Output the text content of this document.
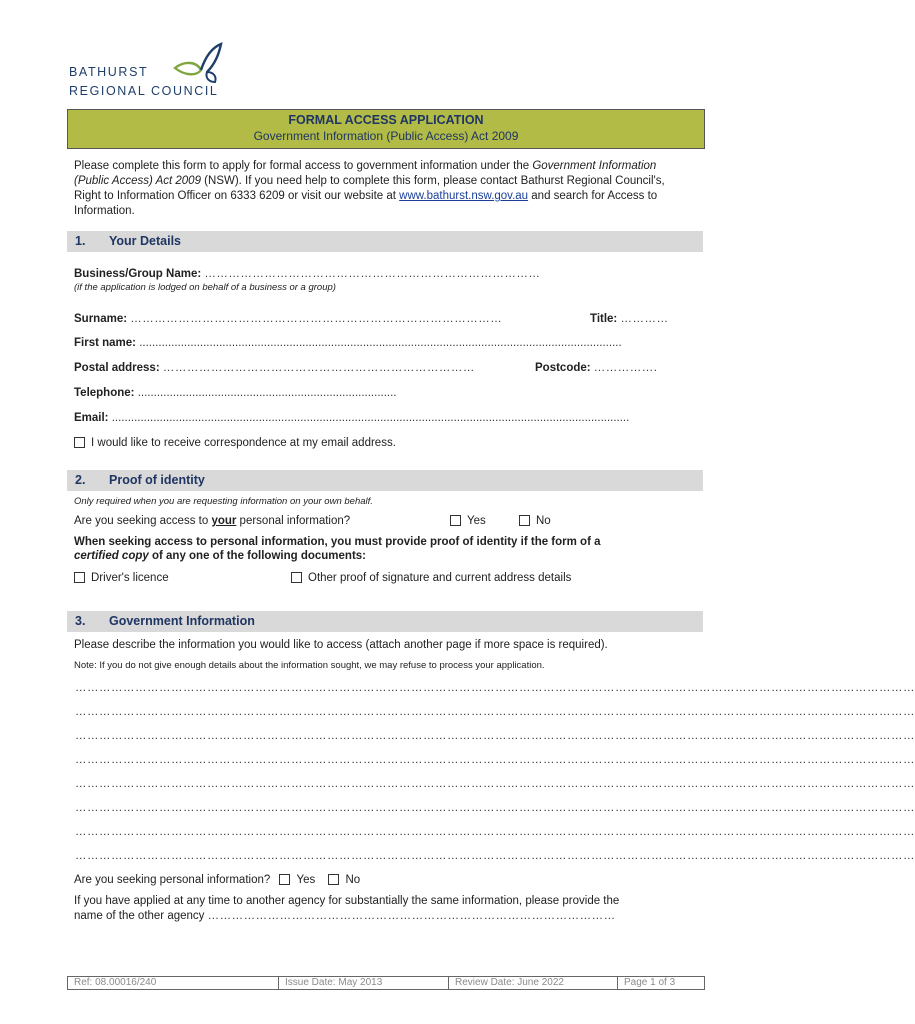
BATHURST
REGIONAL COUNCIL
FORMAL ACCESS APPLICATION
Government Information (Public Access) Act 2009
Please complete this form to apply for formal access to government information under the Government Information (Public Access) Act 2009 (NSW). If you need help to complete this form, please contact Bathurst Regional Council's, Right to Information Officer on 6333 6209 or visit our website at www.bathurst.nsw.gov.au and search for Access to Information.
1. Your Details
Business/Group Name: …………………………………………………………………………
(if the application is lodged on behalf of a business or a group)
Surname: …………………………………………………………………………………	Title: …………
First name: .......................................................................................................................................................
Postal address: ……………………………………………………………………	Postcode: …………….
Telephone: .................................................................................
Email: ..................................................................................................................................................................
I would like to receive correspondence at my email address.
2. Proof of identity
Only required when you are requesting information on your own behalf.
Are you seeking access to your personal information?	Yes	No
When seeking access to personal information, you must provide proof of identity if the form of a
certified copy of any one of the following documents:
Driver's licence	Other proof of signature and current address details
3. Government Information
Please describe the information you would like to access (attach another page if more space is required).
Note: If you do not give enough details about the information sought, we may refuse to process your application.
…………………………………………………………………………………………………………………………………………………………………………………………
…………………………………………………………………………………………………………………………………………………………………………………………
…………………………………………………………………………………………………………………………………………………………………………………………
…………………………………………………………………………………………………………………………………………………………………………………………
…………………………………………………………………………………………………………………………………………………………………………………………
…………………………………………………………………………………………………………………………………………………………………………………………
…………………………………………………………………………………………………………………………………………………………………………………………
…………………………………………………………………………………………………………………………………………………………………………………………
Are you seeking personal information? Yes	No
If you have applied at any time to another agency for substantially the same information, please provide the
name of the other agency …………………………………………………………………………………………
Ref: 08.00016/240	Issue Date: May 2013	Review Date: June 2022	Page 1 of 3
